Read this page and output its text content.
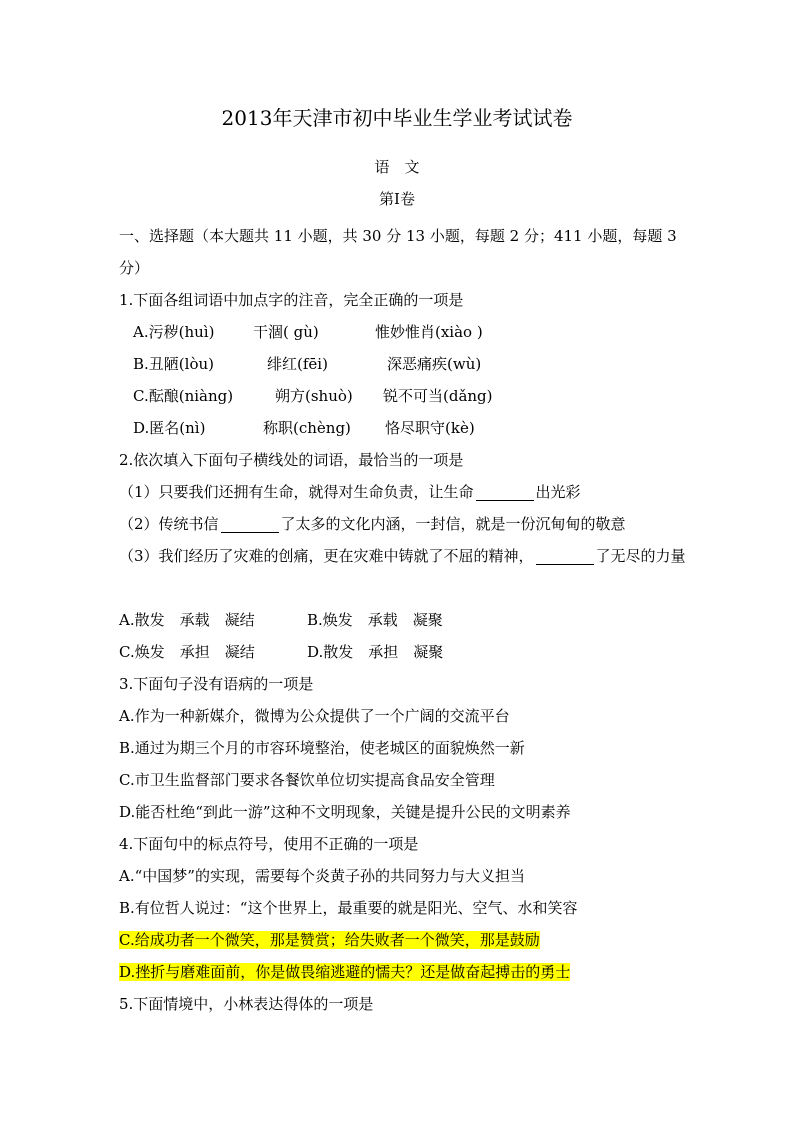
2013年天津市初中毕业生学业考试试卷
语　文
第Ⅰ卷
一、选择题（本大题共 11 小题，共 30 分 13 小题，每题 2 分；411 小题，每题 3 分）
1.下面各组词语中加点字的注音，完全正确的一项是
A.污秽(huì)	干涸( gù)	惟妙惟肖(xiào )
B.丑陋(lòu)	绯红(fēi)	深恶痛疾(wù)
C.酝酿(niàng)	朔方(shuò)	锐不可当(dǎng)
D.匿名(nì)	称职(chèng)	恪尽职守(kè)
2.依次填入下面句子横线处的词语，最恰当的一项是
（1）只要我们还拥有生命，就得对生命负责，让生命	出光彩
（2）传统书信	了太多的文化内涵，一封信，就是一份沉甸甸的敬意
（3）我们经历了灾难的创痛，更在灾难中铸就了不屈的精神，	了无尽的力量
A.散发　承载　凝结	B.焕发　承载　凝聚
C.焕发　承担　凝结	D.散发　承担　凝聚
3.下面句子没有语病的一项是
A.作为一种新媒介，微博为公众提供了一个广阔的交流平台
B.通过为期三个月的市容环境整治，使老城区的面貌焕然一新
C.市卫生监督部门要求各餐饮单位切实提高食品安全管理
D.能否杜绝“到此一游”这种不文明现象，关键是提升公民的文明素养
4.下面句中的标点符号，使用不正确的一项是
A.“中国梦”的实现，需要每个炎黄子孙的共同努力与大义担当
B.有位哲人说过：“这个世界上，最重要的就是阳光、空气、水和笑容
C.给成功者一个微笑，那是赞赏；给失败者一个微笑，那是鼓励
D.挫折与磨难面前，你是做畏缩逃避的懦夫？还是做奋起搏击的勇士
5.下面情境中，小林表达得体的一项是
